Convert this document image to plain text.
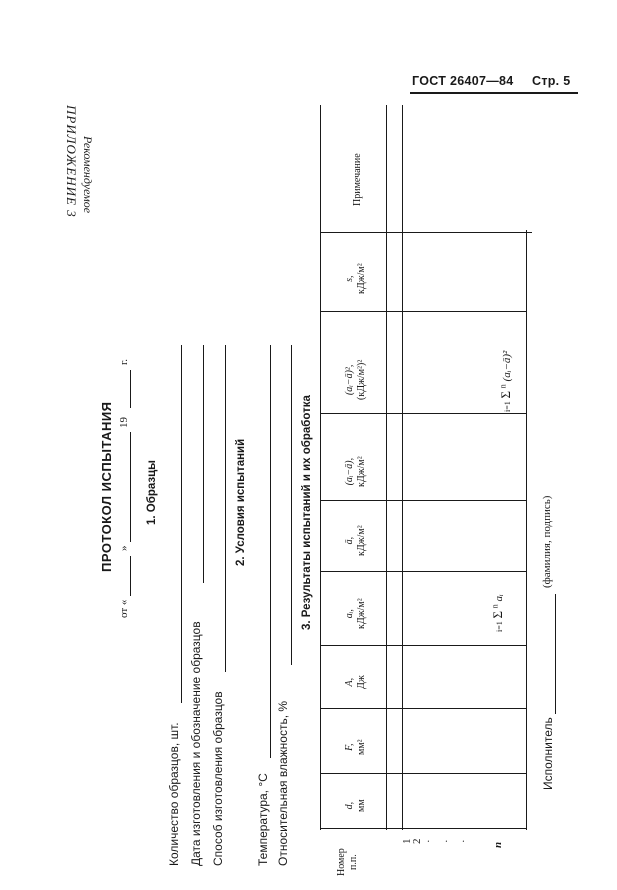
ГОСТ 26407—84 Стр. 5
ПРИЛОЖЕНИЕ 3 Рекомендуемое
ПРОТОКОЛ ИСПЫТАНИЯ
от «
»
19
г.
1. Образцы
Количество образцов, шт. Дата изготовления и обозначение образцов Способ изготовления образцов
2. Условия испытаний
Температура, °С Относительная влажность, %
3. Результаты испытаний и их обработка
Номер п.п.
d, мм
F, мм²
A, Дж
aᵢ, кДж/м²
ā, кДж/м²
(aᵢ−ā), кДж/м²
(aᵢ−ā)², (кДж/м²)²
s, кДж/м²
Примечание
i=1 Σ $^n$ aᵢ
i=1 Σ $^n$ (aᵢ−ā)²
1
2 · · ·
n
Исполнитель
(фамилия, подпись)
